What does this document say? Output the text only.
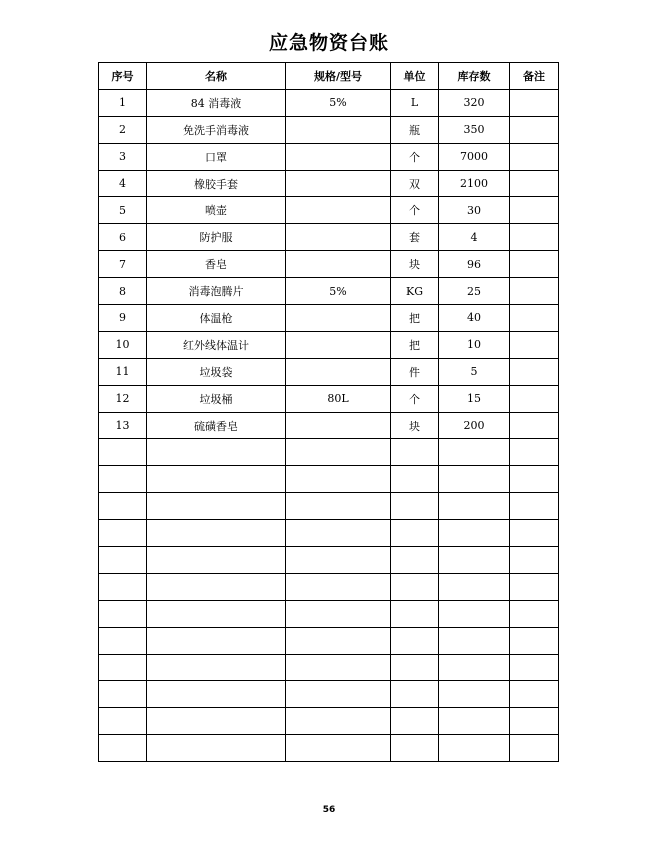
应急物资台账
序号	名称	规格/型号	单位	库存数	备注
1	84 消毒液	5%	L	320	
2	免洗手消毒液		瓶	350	
3	口罩		个	7000	
4	橡胶手套		双	2100	
5	喷壶		个	30	
6	防护服		套	4	
7	香皂		块	96	
8	消毒泡腾片	5%	KG	25	
9	体温枪		把	40	
10	红外线体温计		把	10	
11	垃圾袋		件	5	
12	垃圾桶	80L	个	15	
13	硫磺香皂		块	200	

56
